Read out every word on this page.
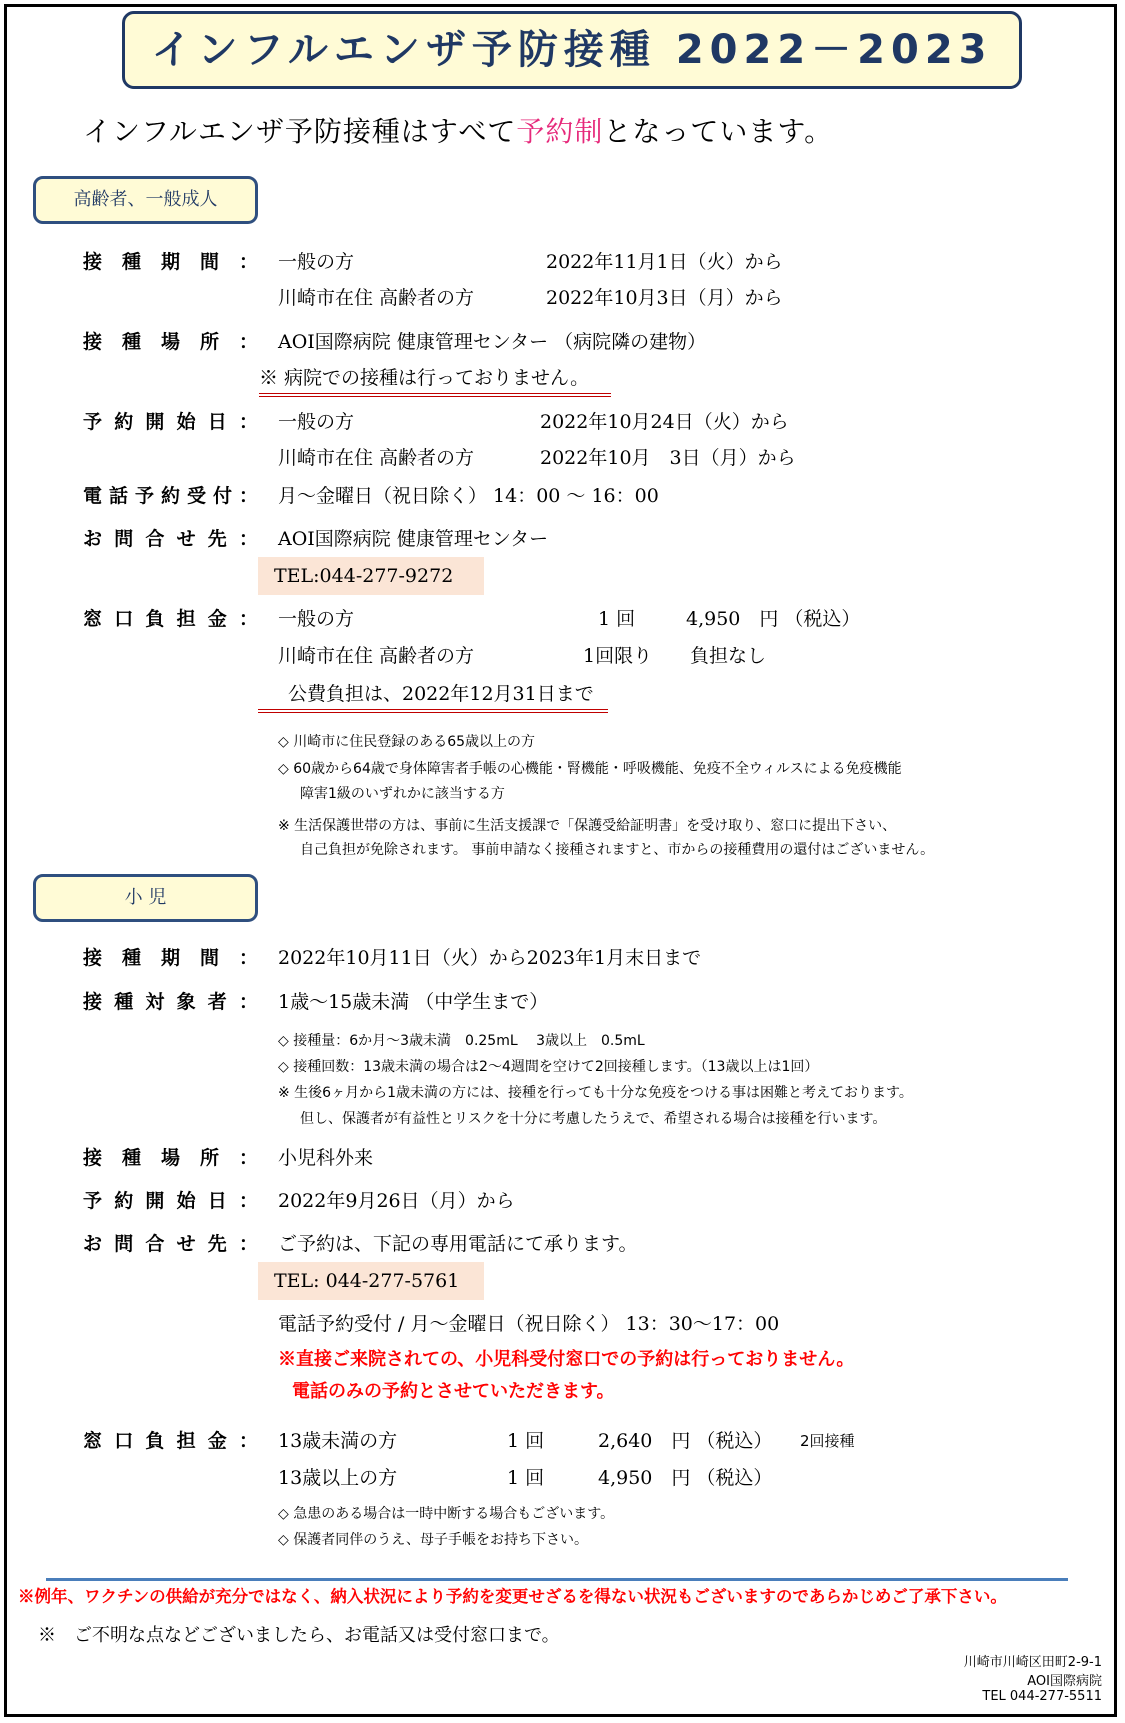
インフルエンザ予防接種 2022－2023
インフルエンザ予防接種はすべて予約制となっています。
高齢者、一般成人
接種期間： 一般の方	2022年11月1日（火）から
川崎市在住 高齢者の方	2022年10月3日（月）から
接種場所： AOI国際病院 健康管理センター （病院隣の建物）
※ 病院での接種は行っておりません。
予約開始日： 一般の方	2022年10月24日（火）から
川崎市在住 高齢者の方	2022年10月　3日（月）から
電話予約受付： 月～金曜日（祝日除く） 14：00 ～ 16：00
お問合せ先： AOI国際病院 健康管理センター
TEL:044-277-9272
窓口負担金： 一般の方	1 回	4,950　円 （税込）
川崎市在住 高齢者の方	1回限り 負担なし
公費負担は、2022年12月31日まで
◇ 川崎市に住民登録のある65歳以上の方
◇ 60歳から64歳で身体障害者手帳の心機能・腎機能・呼吸機能、免疫不全ウィルスによる免疫機能
障害1級のいずれかに該当する方
※ 生活保護世帯の方は、事前に生活支援課で「保護受給証明書」を受け取り、窓口に提出下さい、
自己負担が免除されます。 事前申請なく接種されますと、市からの接種費用の還付はございません。
小 児
接種期間： 2022年10月11日（火）から2023年1月末日まで
接種対象者： 1歳～15歳未満 （中学生まで）
◇ 接種量：6か月～3歳未満　0.25mL　 3歳以上　0.5mL
◇ 接種回数：13歳未満の場合は2～4週間を空けて2回接種します。（13歳以上は1回）
※ 生後6ヶ月から1歳未満の方には、接種を行っても十分な免疫をつける事は困難と考えております。
但し、保護者が有益性とリスクを十分に考慮したうえで、希望される場合は接種を行います。
接種場所： 小児科外来
予約開始日： 2022年9月26日（月）から
お問合せ先： ご予約は、下記の専用電話にて承ります。
TEL: 044-277-5761
電話予約受付 / 月～金曜日（祝日除く） 13：30～17：00
※直接ご来院されての、小児科受付窓口での予約は行っておりません。
電話のみの予約とさせていただきます。
窓口負担金： 13歳未満の方	1 回	2,640　円 （税込） 2回接種
13歳以上の方	1 回	4,950　円 （税込）
◇ 急患のある場合は一時中断する場合もございます。
◇ 保護者同伴のうえ、母子手帳をお持ち下さい。
※例年、ワクチンの供給が充分ではなく、納入状況により予約を変更せざるを得ない状況もございますのであらかじめご了承下さい。
※　ご不明な点などございましたら、お電話又は受付窓口まで。
川崎市川崎区田町2-9-1
AOI国際病院
TEL 044-277-5511
